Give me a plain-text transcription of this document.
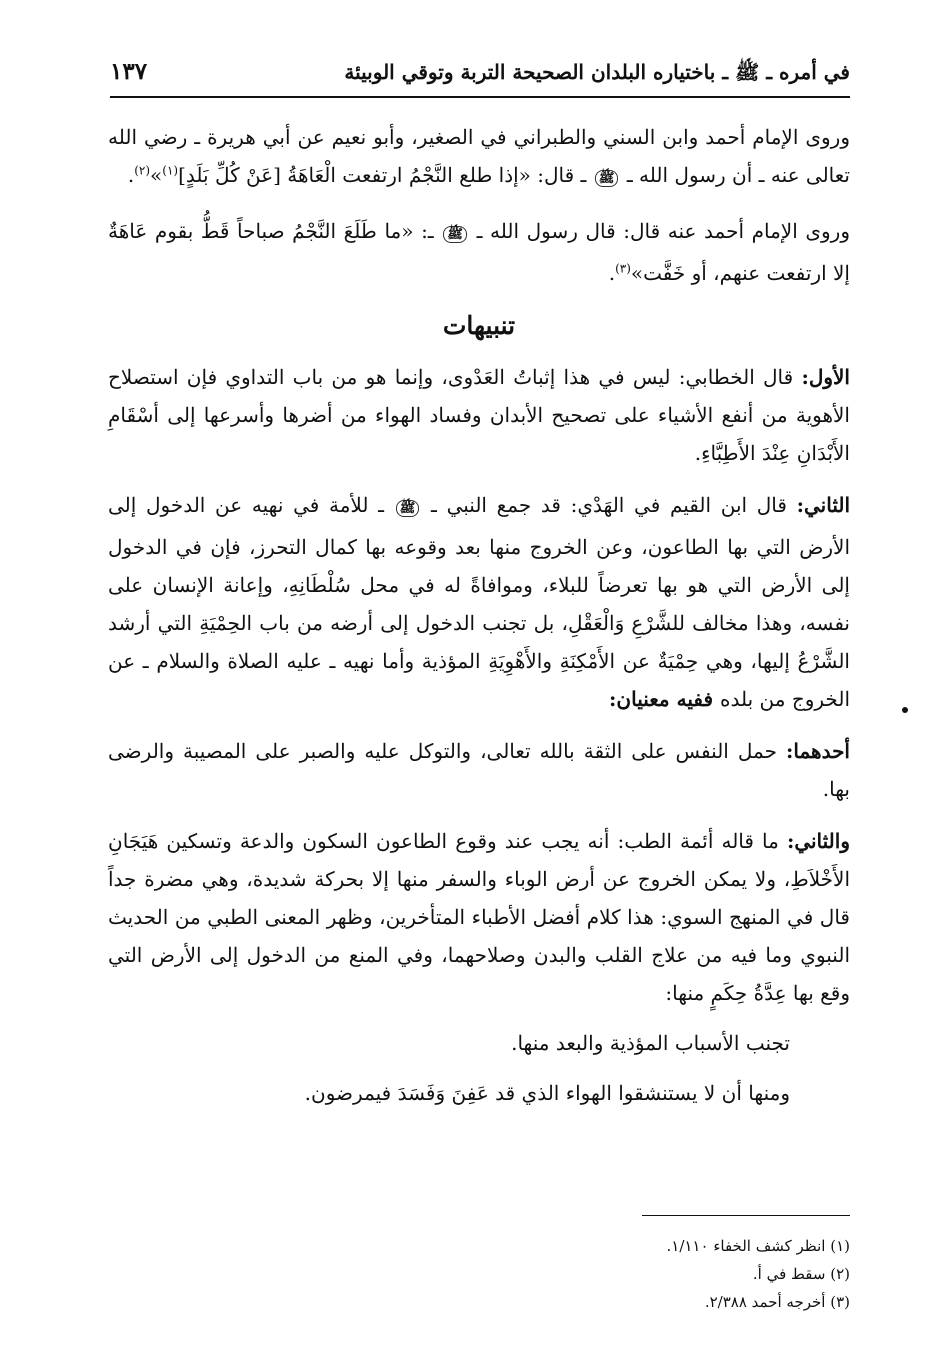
في أمره ـ ﷺ ـ باختياره البلدان الصحيحة التربة وتوقي الوبيئة
١٣٧

وروى الإمام أحمد وابن السني والطبراني في الصغير، وأبو نعيم عن أبي هريرة ـ رضي الله تعالى عنه ـ أن رسول الله ـ ﷺ ـ قال: «إذا طلع النَّجْمُ ارتفعت الْعَاهَةُ [عَنْ كُلِّ بَلَدٍ]$^{(١)}$»$^{(٢)}$.

وروى الإمام أحمد عنه قال: قال رسول الله ـ ﷺ ـ: «ما طَلَعَ النَّجْمُ صباحاً قَطُّ بقوم عَاهَةٌ إلا ارتفعت عنهم، أو خَفَّت»$^{(٣)}$.

تنبيهات

الأول: قال الخطابي: ليس في هذا إثباتُ العَدْوى، وإنما هو من باب التداوي فإن استصلاح الأهوية من أنفع الأشياء على تصحيح الأبدان وفساد الهواء من أضرها وأسرعها إلى أسْقَامِ الأَبْدَانِ عِنْدَ الأَطِبَّاءِ.

الثاني: قال ابن القيم في الهَدْي: قد جمع النبي ـ ﷺ ـ للأمة في نهيه عن الدخول إلى الأرض التي بها الطاعون، وعن الخروج منها بعد وقوعه بها كمال التحرز، فإن في الدخول إلى الأرض التي هو بها تعرضاً للبلاء، وموافاةً له في محل سُلْطَانِهِ، وإعانة الإنسان على نفسه، وهذا مخالف للشَّرْعِ وَالْعَقْلِ، بل تجنب الدخول إلى أرضه من باب الحِمْيَةِ التي أرشد الشَّرْعُ إليها، وهي حِمْيَةٌ عن الأَمْكِنَةِ والأَهْوِيَةِ المؤذية وأما نهيه ـ عليه الصلاة والسلام ـ عن الخروج من بلده ففيه معنيان:

أحدهما: حمل النفس على الثقة بالله تعالى، والتوكل عليه والصبر على المصيبة والرضى بها.

والثاني: ما قاله أئمة الطب: أنه يجب عند وقوع الطاعون السكون والدعة وتسكين هَيَجَانِ الأَخْلاَطِ، ولا يمكن الخروج عن أرض الوباء والسفر منها إلا بحركة شديدة، وهي مضرة جداً قال في المنهج السوي: هذا كلام أفضل الأطباء المتأخرين، وظهر المعنى الطبي من الحديث النبوي وما فيه من علاج القلب والبدن وصلاحهما، وفي المنع من الدخول إلى الأرض التي وقع بها عِدَّةُ حِكَمٍ منها:

تجنب الأسباب المؤذية والبعد منها.

ومنها أن لا يستنشقوا الهواء الذي قد عَفِنَ وَفَسَدَ فيمرضون.

(١) انظر كشف الخفاء ١/١١٠.

(٢) سقط في أ.

(٣) أخرجه أحمد ٢/٣٨٨.
